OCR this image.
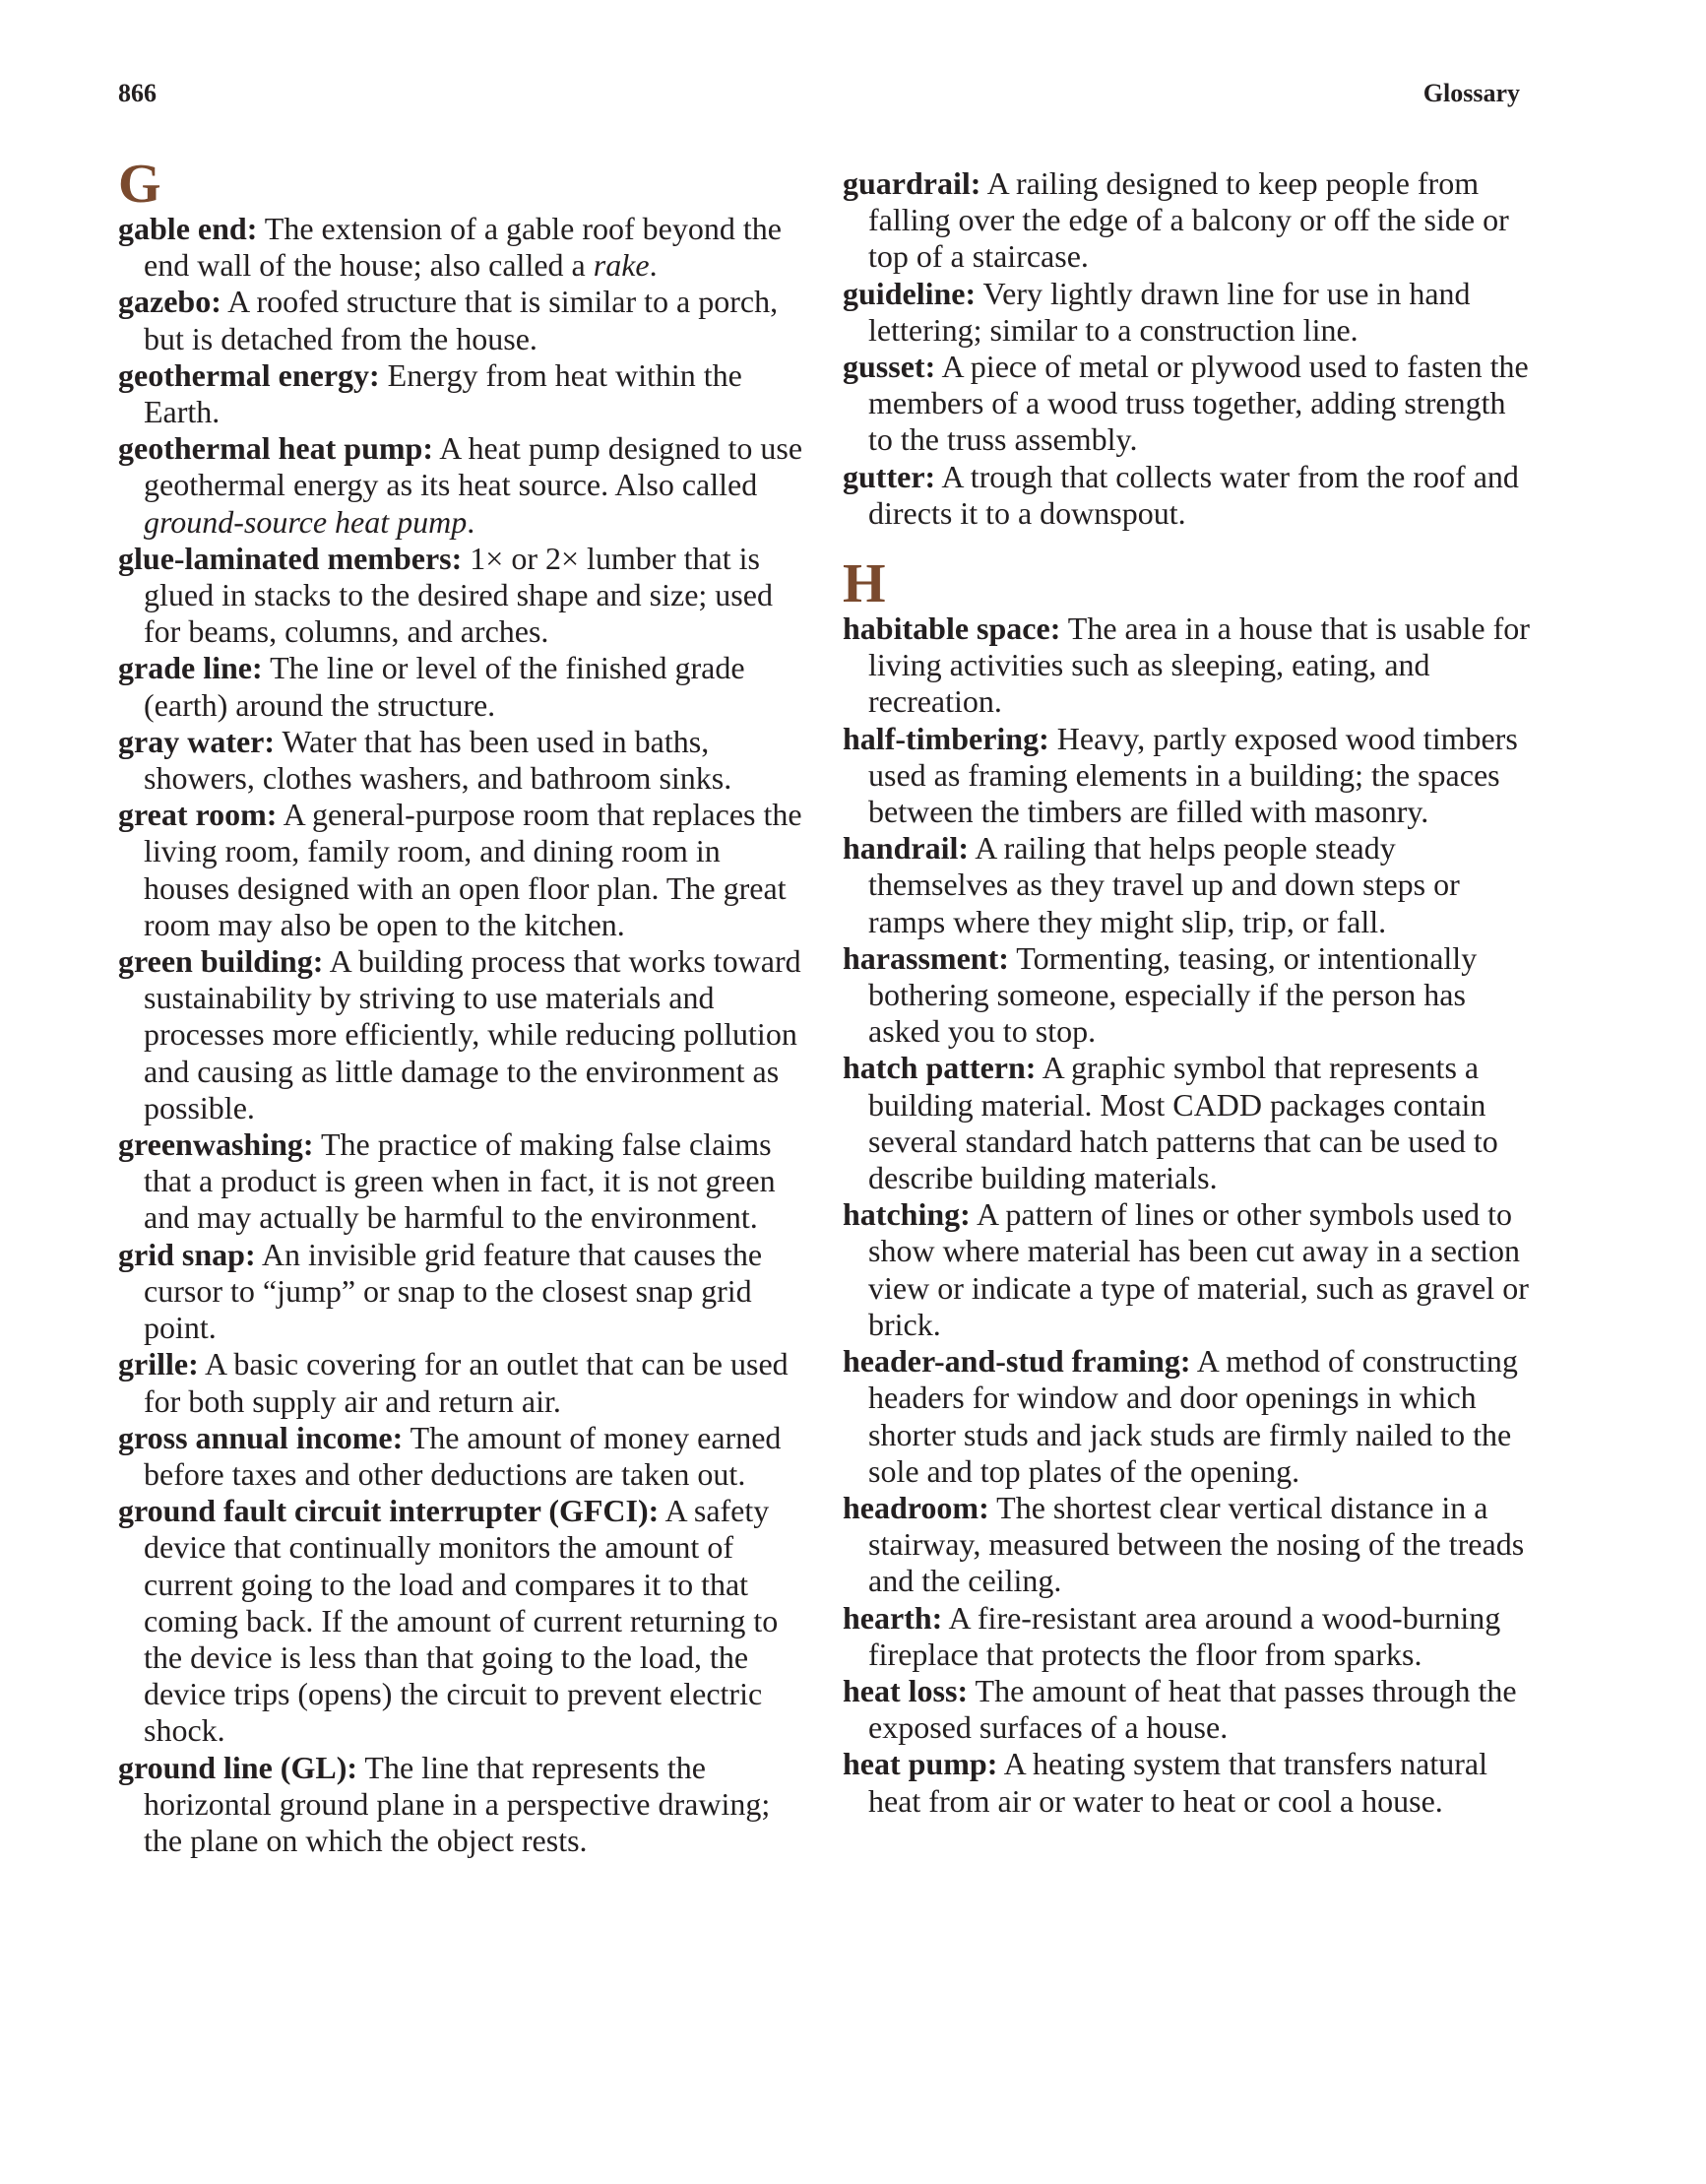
866	Glossary
G

gable end: The extension of a gable roof beyond the end wall of the house; also called a rake.

gazebo: A roofed structure that is similar to a porch, but is detached from the house.

geothermal energy: Energy from heat within the Earth.

geothermal heat pump: A heat pump designed to use geothermal energy as its heat source. Also called ground-source heat pump.

glue-laminated members: 1× or 2× lumber that is glued in stacks to the desired shape and size; used for beams, columns, and arches.

grade line: The line or level of the finished grade (earth) around the structure.

gray water: Water that has been used in baths, showers, clothes washers, and bathroom sinks.

great room: A general-purpose room that replaces the living room, family room, and dining room in houses designed with an open floor plan. The great room may also be open to the kitchen.

green building: A building process that works toward sustainability by striving to use materials and processes more efficiently, while reducing pollution and causing as little damage to the environment as possible.

greenwashing: The practice of making false claims that a product is green when in fact, it is not green and may actually be harmful to the environment.

grid snap: An invisible grid feature that causes the cursor to “jump” or snap to the closest snap grid point.

grille: A basic covering for an outlet that can be used for both supply air and return air.

gross annual income: The amount of money earned before taxes and other deductions are taken out.

ground fault circuit interrupter (GFCI): A safety device that continually monitors the amount of current going to the load and compares it to that coming back. If the amount of current returning to the device is less than that going to the load, the device trips (opens) the circuit to prevent electric shock.

ground line (GL): The line that represents the horizontal ground plane in a perspective drawing; the plane on which the object rests.

guardrail: A railing designed to keep people from falling over the edge of a balcony or off the side or top of a staircase.

guideline: Very lightly drawn line for use in hand lettering; similar to a construction line.

gusset: A piece of metal or plywood used to fasten the members of a wood truss together, adding strength to the truss assembly.

gutter: A trough that collects water from the roof and directs it to a downspout.

H

habitable space: The area in a house that is usable for living activities such as sleeping, eating, and recreation.

half-timbering: Heavy, partly exposed wood timbers used as framing elements in a building; the spaces between the timbers are filled with masonry.

handrail: A railing that helps people steady themselves as they travel up and down steps or ramps where they might slip, trip, or fall.

harassment: Tormenting, teasing, or intentionally bothering someone, especially if the person has asked you to stop.

hatch pattern: A graphic symbol that represents a building material. Most CADD packages contain several standard hatch patterns that can be used to describe building materials.

hatching: A pattern of lines or other symbols used to show where material has been cut away in a section view or indicate a type of material, such as gravel or brick.

header-and-stud framing: A method of constructing headers for window and door openings in which shorter studs and jack studs are firmly nailed to the sole and top plates of the opening.

headroom: The shortest clear vertical distance in a stairway, measured between the nosing of the treads and the ceiling.

hearth: A fire-resistant area around a wood-burning fireplace that protects the floor from sparks.

heat loss: The amount of heat that passes through the exposed surfaces of a house.

heat pump: A heating system that transfers natural heat from air or water to heat or cool a house.
